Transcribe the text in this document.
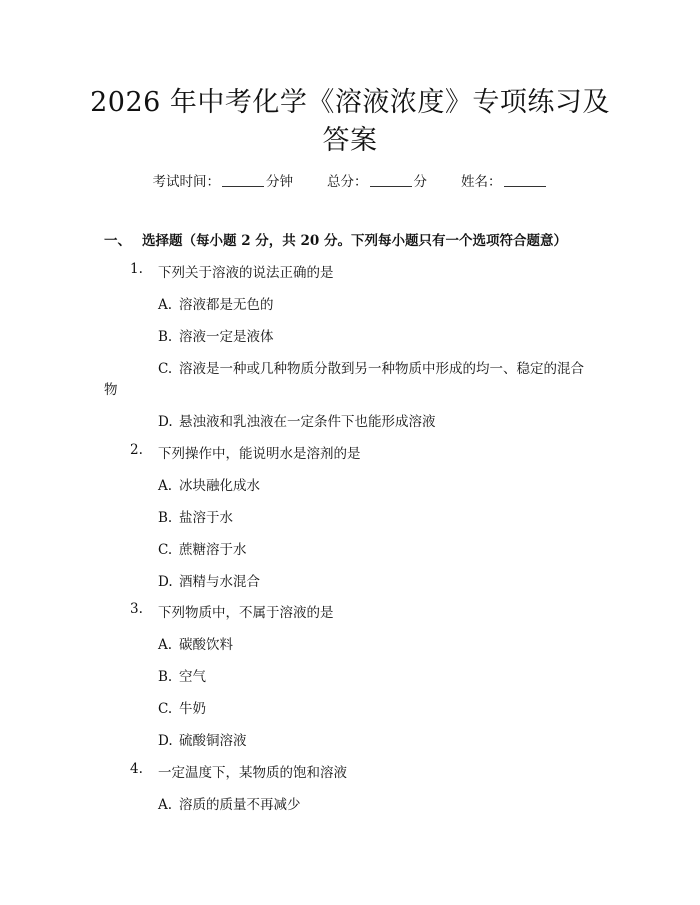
2026 年中考化学《溶液浓度》专项练习及答案
考试时间：	分钟	总分：	分	姓名：
一、 选择题（每小题 2 分，共 20 分。下列每小题只有一个选项符合题意）
1. 下列关于溶液的说法正确的是
A. 溶液都是无色的
B. 溶液一定是液体
C. 溶液是一种或几种物质分散到另一种物质中形成的均一、稳定的混合
物
D. 悬浊液和乳浊液在一定条件下也能形成溶液
2. 下列操作中，能说明水是溶剂的是
A. 冰块融化成水
B. 盐溶于水
C. 蔗糖溶于水
D. 酒精与水混合
3. 下列物质中，不属于溶液的是
A. 碳酸饮料
B. 空气
C. 牛奶
D. 硫酸铜溶液
4. 一定温度下，某物质的饱和溶液
A. 溶质的质量不再减少
